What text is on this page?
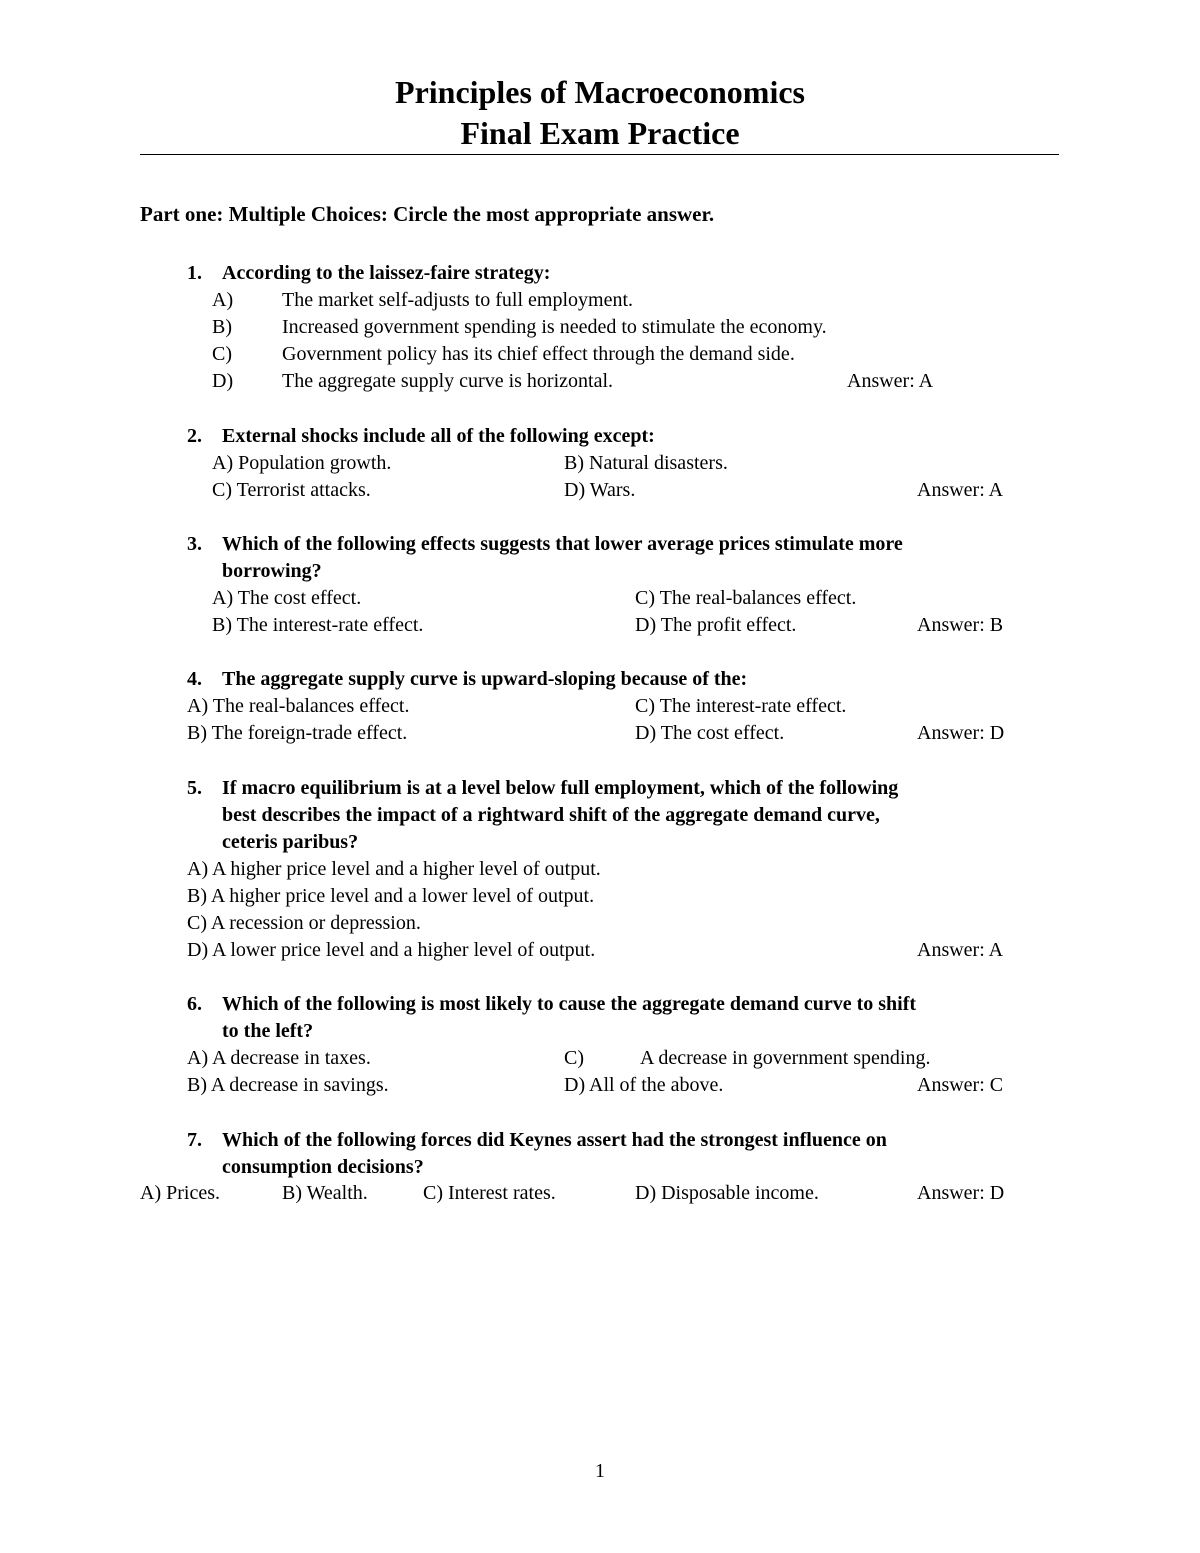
Principles of Macroeconomics
Final Exam Practice
Part one: Multiple Choices: Circle the most appropriate answer.
1. According to the laissez-faire strategy:
A) The market self-adjusts to full employment.
B)	Increased government spending is needed to stimulate the economy.
C)	Government policy has its chief effect through the demand side.
D) The aggregate supply curve is horizontal.	Answer: A
2. External shocks include all of the following except:
A) Population growth.	B) Natural disasters.
C) Terrorist attacks.	D) Wars.	Answer: A
3. Which of the following effects suggests that lower average prices stimulate more
borrowing?
A) The cost effect.	C) The real-balances effect.
B) The interest-rate effect.	D) The profit effect.	Answer: B
4. The aggregate supply curve is upward-sloping because of the:
A) The real-balances effect.	C) The interest-rate effect.
B) The foreign-trade effect.	D) The cost effect.	Answer: D
5. If macro equilibrium is at a level below full employment, which of the following
best describes the impact of a rightward shift of the aggregate demand curve,
ceteris paribus?
A) A higher price level and a higher level of output.
B) A higher price level and a lower level of output.
C) A recession or depression.
D) A lower price level and a higher level of output.	Answer: A
6. Which of the following is most likely to cause the aggregate demand curve to shift
to the left?
A) A decrease in taxes.	C)	A decrease in government spending.
B) A decrease in savings.	D) All of the above.	Answer: C
7. Which of the following forces did Keynes assert had the strongest influence on
consumption decisions?
A) Prices.	B) Wealth.	C) Interest rates.	D) Disposable income.	Answer: D
1
